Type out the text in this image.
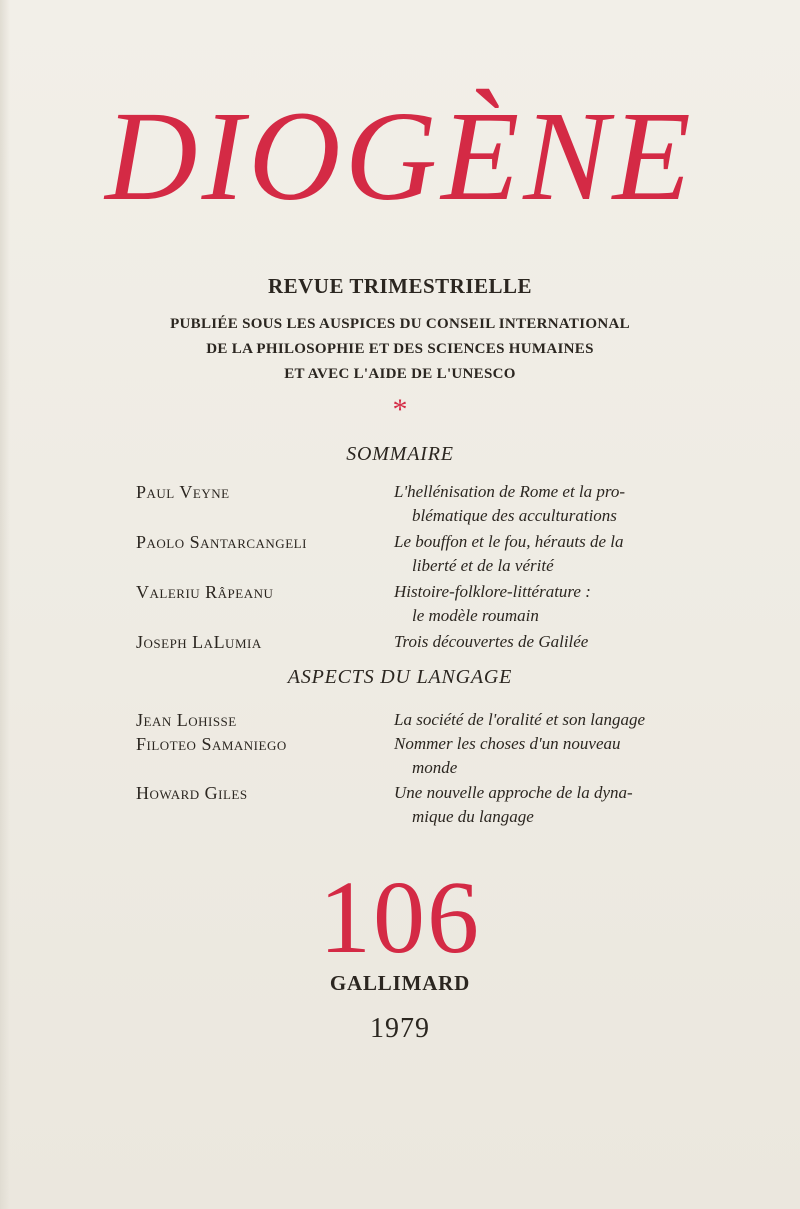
DIOGÈNE
REVUE TRIMESTRIELLE
PUBLIÉE SOUS LES AUSPICES DU CONSEIL INTERNATIONAL
DE LA PHILOSOPHIE ET DES SCIENCES HUMAINES
ET AVEC L'AIDE DE L'UNESCO
*
SOMMAIRE
Paul Veyne	L'hellénisation de Rome et la pro-
blématique des acculturations
Paolo Santarcangeli	Le bouffon et le fou, hérauts de la
liberté et de la vérité
Valeriu Râpeanu	Histoire-folklore-littérature :
le modèle roumain
Joseph LaLumia	Trois découvertes de Galilée
ASPECTS DU LANGAGE
Jean Lohisse	La société de l'oralité et son langage
Filoteo Samaniego	Nommer les choses d'un nouveau
monde
Howard Giles	Une nouvelle approche de la dyna-
mique du langage
106
GALLIMARD
1979
